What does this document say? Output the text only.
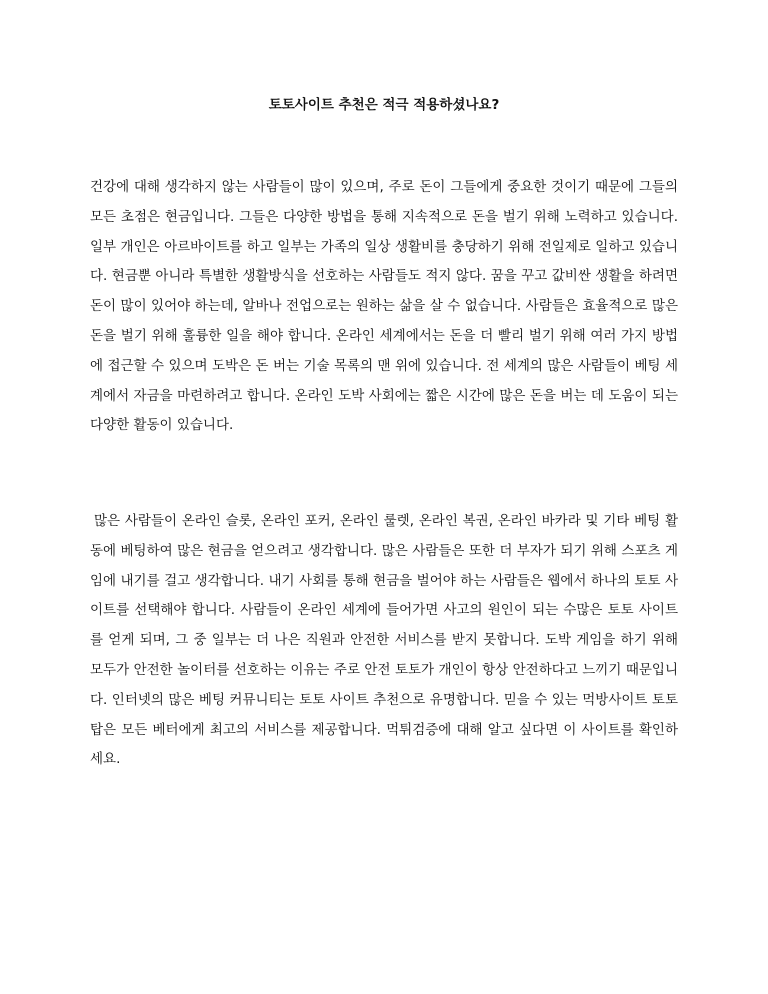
토토사이트 추천은 적극 적용하셨나요?

건강에 대해 생각하지 않는 사람들이 많이 있으며, 주로 돈이 그들에게 중요한 것이기 때문에 그들의 모든 초점은 현금입니다. 그들은 다양한 방법을 통해 지속적으로 돈을 벌기 위해 노력하고 있습니다. 일부 개인은 아르바이트를 하고 일부는 가족의 일상 생활비를 충당하기 위해 전일제로 일하고 있습니다. 현금뿐 아니라 특별한 생활방식을 선호하는 사람들도 적지 않다. 꿈을 꾸고 값비싼 생활을 하려면 돈이 많이 있어야 하는데, 알바나 전업으로는 원하는 삶을 살 수 없습니다. 사람들은 효율적으로 많은 돈을 벌기 위해 훌륭한 일을 해야 합니다. 온라인 세계에서는 돈을 더 빨리 벌기 위해 여러 가지 방법에 접근할 수 있으며 도박은 돈 버는 기술 목록의 맨 위에 있습니다. 전 세계의 많은 사람들이 베팅 세계에서 자금을 마련하려고 합니다. 온라인 도박 사회에는 짧은 시간에 많은 돈을 버는 데 도움이 되는 다양한 활동이 있습니다.

많은 사람들이 온라인 슬롯, 온라인 포커, 온라인 룰렛, 온라인 복권, 온라인 바카라 및 기타 베팅 활동에 베팅하여 많은 현금을 얻으려고 생각합니다. 많은 사람들은 또한 더 부자가 되기 위해 스포츠 게임에 내기를 걸고 생각합니다. 내기 사회를 통해 현금을 벌어야 하는 사람들은 웹에서 하나의 토토 사이트를 선택해야 합니다. 사람들이 온라인 세계에 들어가면 사고의 원인이 되는 수많은 토토 사이트를 얻게 되며, 그 중 일부는 더 나은 직원과 안전한 서비스를 받지 못합니다. 도박 게임을 하기 위해 모두가 안전한 놀이터를 선호하는 이유는 주로 안전 토토가 개인이 항상 안전하다고 느끼기 때문입니다. 인터넷의 많은 베팅 커뮤니티는 토토 사이트 추천으로 유명합니다. 믿을 수 있는 먹방사이트 토토탑은 모든 베터에게 최고의 서비스를 제공합니다. 먹튀검증에 대해 알고 싶다면 이 사이트를 확인하세요.
